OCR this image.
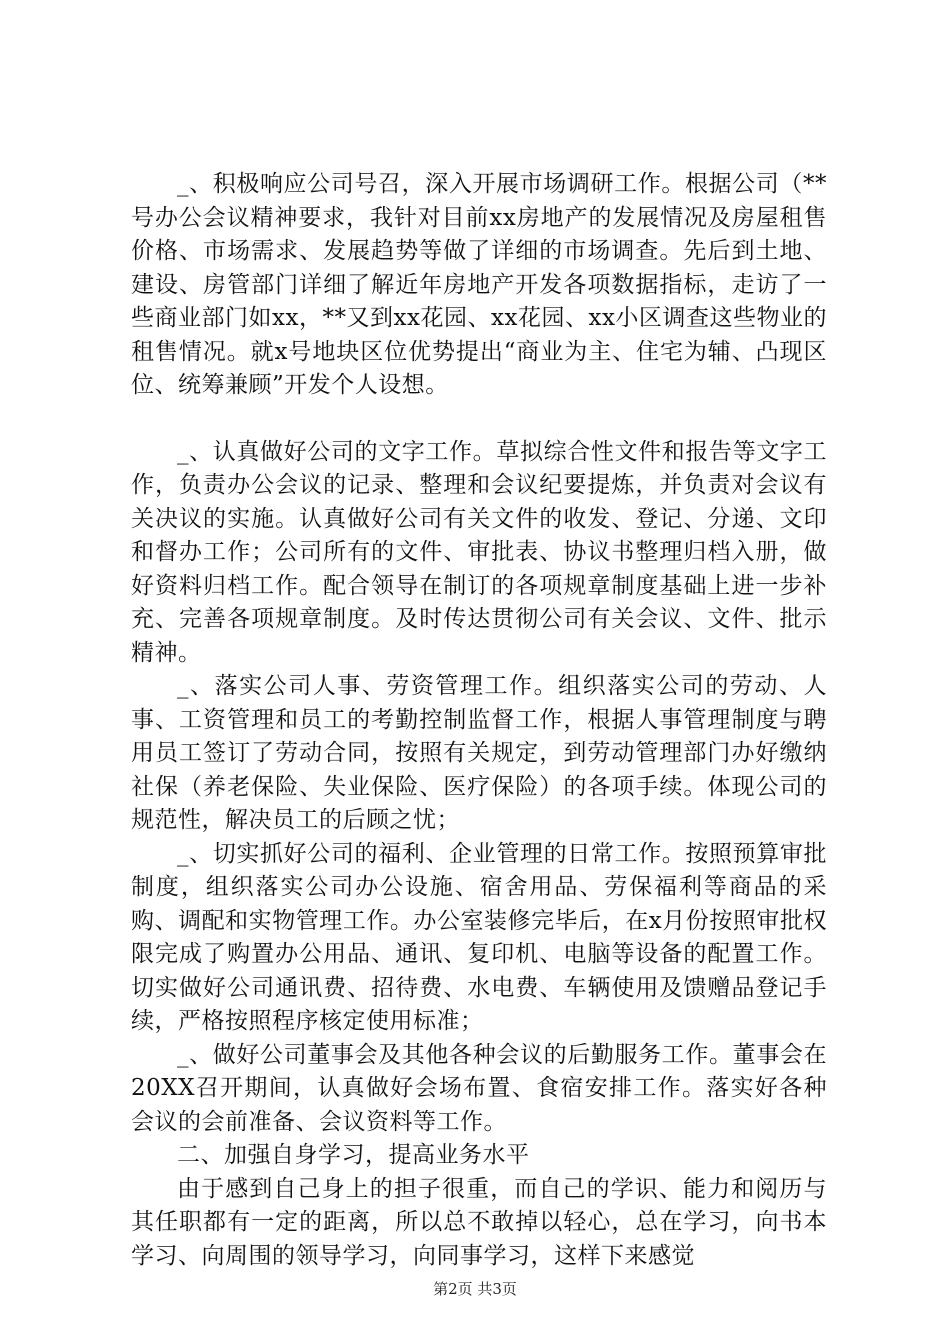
_、积极响应公司号召，深入开展市场调研工作。根据公司（**号办公会议精神要求，我针对目前xx房地产的发展情况及房屋租售价格、市场需求、发展趋势等做了详细的市场调查。先后到土地、建设、房管部门详细了解近年房地产开发各项数据指标，走访了一些商业部门如xx，**又到xx花园、xx花园、xx小区调查这些物业的租售情况。就x号地块区位优势提出“商业为主、住宅为辅、凸现区位、统筹兼顾”开发个人设想。

_、认真做好公司的文字工作。草拟综合性文件和报告等文字工作，负责办公会议的记录、整理和会议纪要提炼，并负责对会议有关决议的实施。认真做好公司有关文件的收发、登记、分递、文印和督办工作；公司所有的文件、审批表、协议书整理归档入册，做好资料归档工作。配合领导在制订的各项规章制度基础上进一步补充、完善各项规章制度。及时传达贯彻公司有关会议、文件、批示精神。

_、落实公司人事、劳资管理工作。组织落实公司的劳动、人事、工资管理和员工的考勤控制监督工作，根据人事管理制度与聘用员工签订了劳动合同，按照有关规定，到劳动管理部门办好缴纳社保（养老保险、失业保险、医疗保险）的各项手续。体现公司的规范性，解决员工的后顾之忧；

_、切实抓好公司的福利、企业管理的日常工作。按照预算审批制度，组织落实公司办公设施、宿舍用品、劳保福利等商品的采购、调配和实物管理工作。办公室装修完毕后，在x月份按照审批权限完成了购置办公用品、通讯、复印机、电脑等设备的配置工作。切实做好公司通讯费、招待费、水电费、车辆使用及馈赠品登记手续，严格按照程序核定使用标准；

_、做好公司董事会及其他各种会议的后勤服务工作。董事会在20XX召开期间，认真做好会场布置、食宿安排工作。落实好各种会议的会前准备、会议资料等工作。

二、加强自身学习，提高业务水平

由于感到自己身上的担子很重，而自己的学识、能力和阅历与其任职都有一定的距离，所以总不敢掉以轻心，总在学习，向书本学习、向周围的领导学习，向同事学习，这样下来感觉

第2页 共3页
